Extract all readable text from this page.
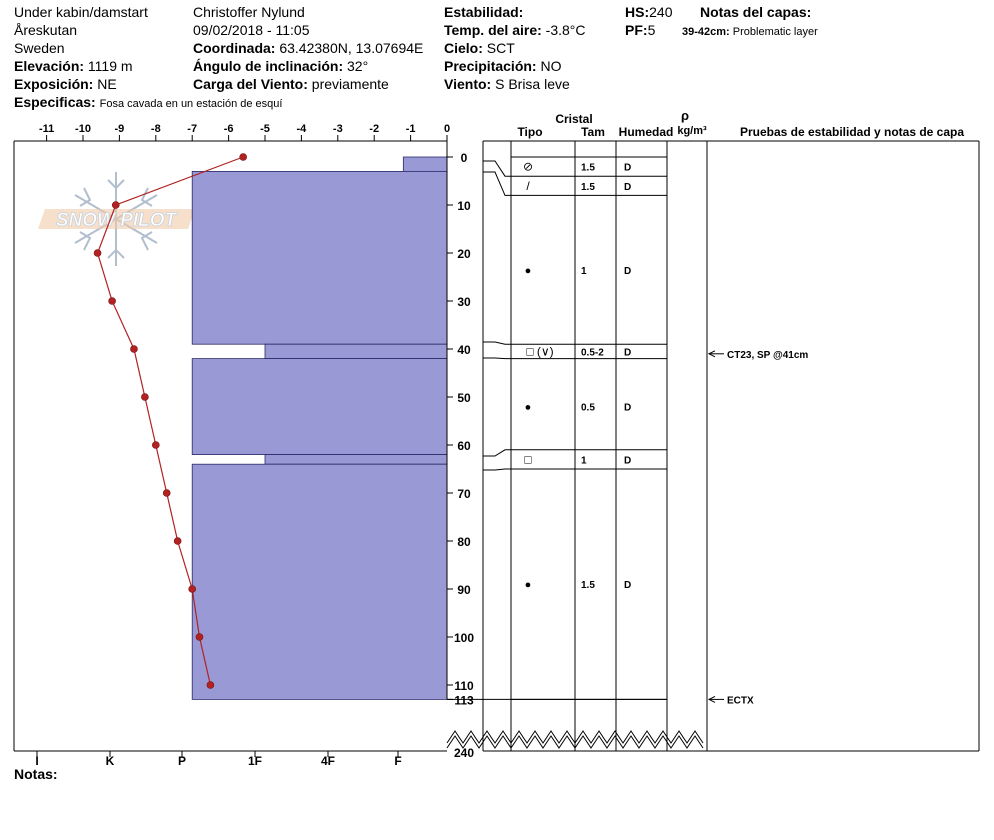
Under kabin/damstart
Åreskutan
Sweden
Elevación: 1119 m
Exposición: NE
Especificas: Fosa cavada en un estación de esquí
Christoffer Nylund
09/02/2018 - 11:05
Coordinada: 63.42380N, 13.07694E
Ángulo de inclinación: 32°
Carga del Viento: previamente
Estabilidad:
Temp. del aire: -3.8°C
Cielo: SCT
Precipitación: NO
Viento: S Brisa leve
HS:240
PF:5
Notas del capas:
39-42cm: Problematic layer
Notas:
SNOW PILOT
-11 -10 -9 -8 -7 -6 -5 -4 -3 -2 -1	0
I	K	P	1F	4F	F
0
10
20
30
40
50
60
70
80
90
100
110
113
240
Cristal
Tipo	Tam Humedad
ρ
kg/m³	Pruebas de estabilidad y notas de capa
⊘	1.5	D
/	1.5	D
●	1	D
□ (∨)	0.5-2 D
●	0.5	D
□	1	D
●	1.5	D
CT23, SP @41cm
ECTX
